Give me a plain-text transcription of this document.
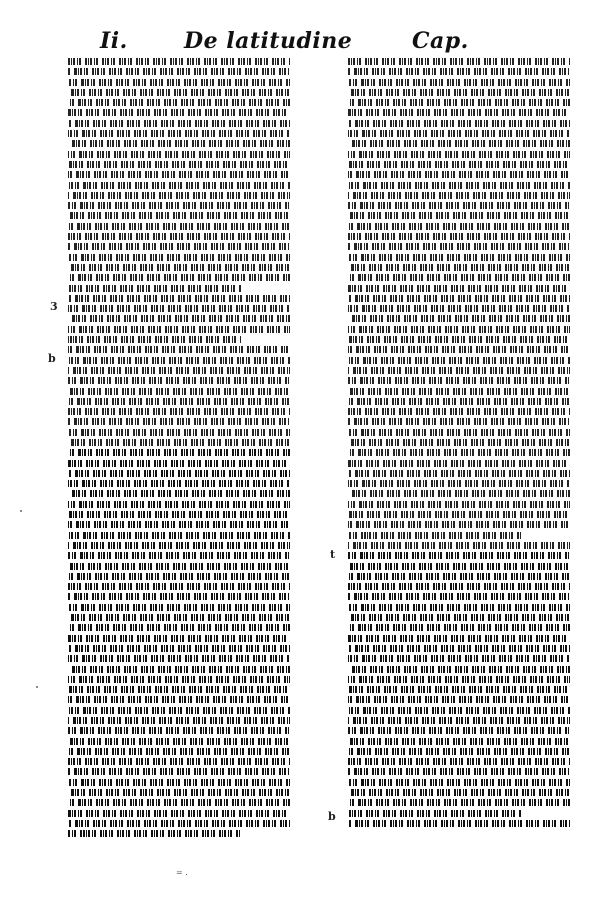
Ii.	De latitudine	Cap.
3
b
t
b
= .
